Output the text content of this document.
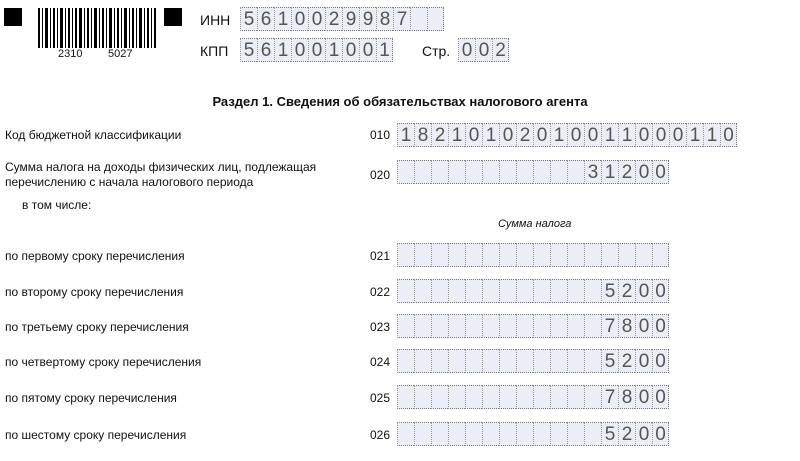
2310 5027
ИНН 5 6 1 0 0 2 9 9 8 7
КПП 5 6 1 0 0 1 0 0 1 Стр. 0 0 2
Раздел 1. Сведения об обязательствах налогового агента
Код бюджетной классификации	010 1 8 2 1 0 1 0 2 0 1 0 0 1 1 0 0 0 1 1 0
Сумма налога на доходы физических лиц, подлежащая
перечислению с начала налогового периода	020	3 1 2 0 0
в том числе:
Сумма налога
по первому сроку перечисления	021
по второму сроку перечисления	022	5 2 0 0
по третьему сроку перечисления	023	7 8 0 0
по четвертому сроку перечисления	024	5 2 0 0
по пятому сроку перечисления	025	7 8 0 0
по шестому сроку перечисления	026	5 2 0 0
